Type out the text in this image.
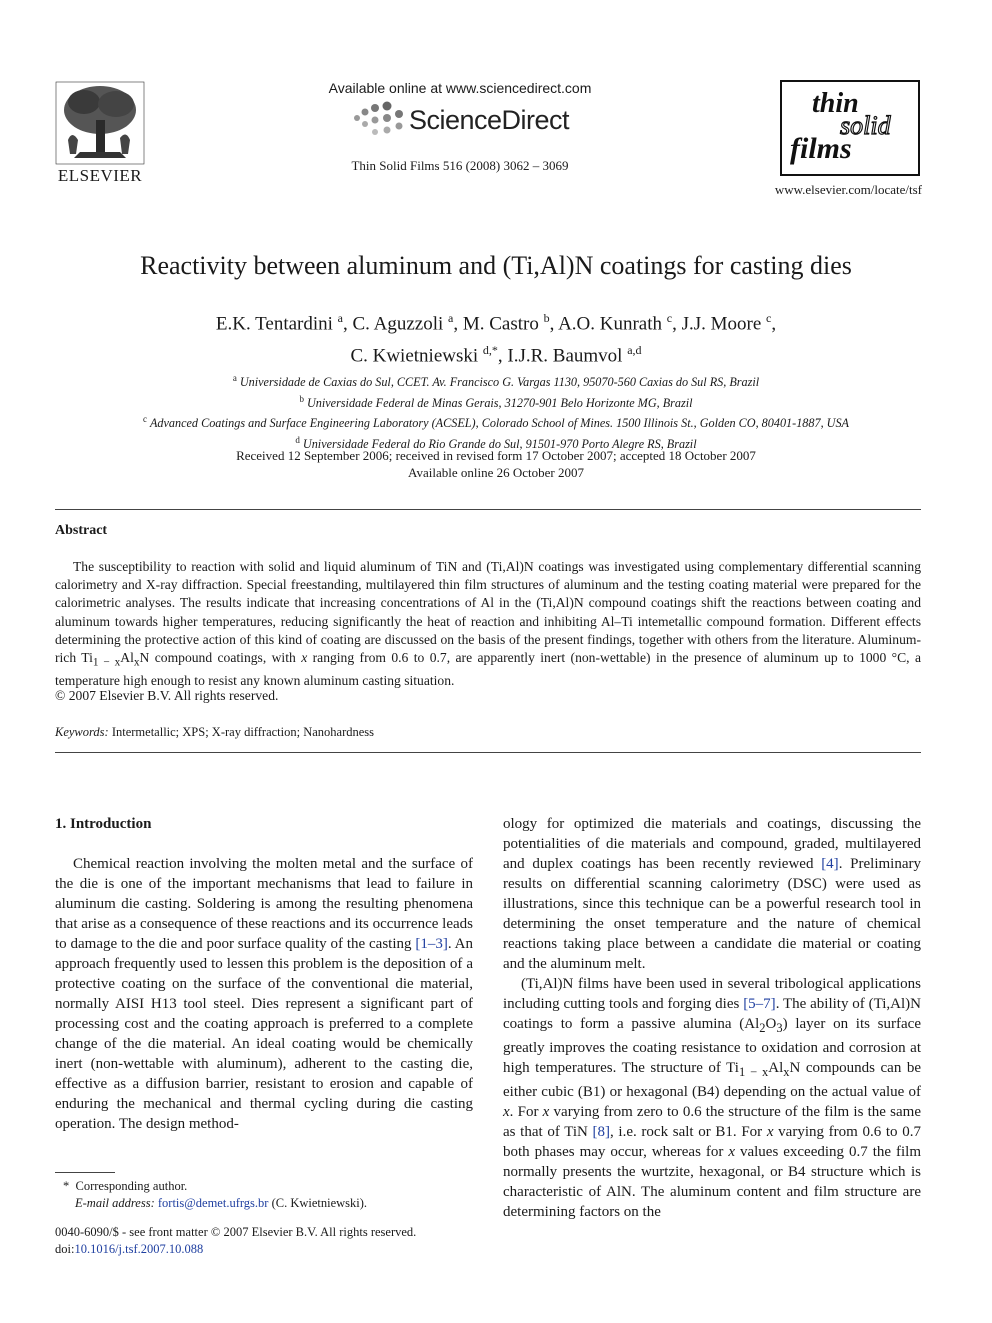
ELSEVIER
Available online at www.sciencedirect.com
ScienceDirect
Thin Solid Films 516 (2008) 3062 – 3069
thin
solid
films
www.elsevier.com/locate/tsf
Reactivity between aluminum and (Ti,Al)N coatings for casting dies
E.K. Tentardini $^a$, C. Aguzzoli $^a$, M. Castro $^b$, A.O. Kunrath $^c$, J.J. Moore $^c$,
C. Kwietniewski $^{d,*}$, I.J.R. Baumvol $^{a,d}$
$^a$ Universidade de Caxias do Sul, CCET. Av. Francisco G. Vargas 1130, 95070-560 Caxias do Sul RS, Brazil
$^b$ Universidade Federal de Minas Gerais, 31270-901 Belo Horizonte MG, Brazil
$^c$ Advanced Coatings and Surface Engineering Laboratory (ACSEL), Colorado School of Mines. 1500 Illinois St., Golden CO, 80401-1887, USA
$^d$ Universidade Federal do Rio Grande do Sul, 91501-970 Porto Alegre RS, Brazil
Received 12 September 2006; received in revised form 17 October 2007; accepted 18 October 2007
Available online 26 October 2007
Abstract

The susceptibility to reaction with solid and liquid aluminum of TiN and (Ti,Al)N coatings was investigated using complementary differential scanning calorimetry and X-ray diffraction. Special freestanding, multilayered thin film structures of aluminum and the testing coating material were prepared for the calorimetric analyses. The results indicate that increasing concentrations of Al in the (Ti,Al)N compound coatings shift the reactions between coating and aluminum towards higher temperatures, reducing significantly the heat of reaction and inhibiting Al–Ti intemetallic compound formation. Different effects determining the protective action of this kind of coating are discussed on the basis of the present findings, together with others from the literature. Aluminum-rich $Ti_{1 - x}Al_xN$ compound coatings, with x ranging from 0.6 to 0.7, are apparently inert (non-wettable) in the presence of aluminum up to 1000 °C, a temperature high enough to resist any known aluminum casting situation.

© 2007 Elsevier B.V. All rights reserved.
Keywords: Intermetallic; XPS; X-ray diffraction; Nanohardness
1. Introduction

Chemical reaction involving the molten metal and the surface of the die is one of the important mechanisms that lead to failure in aluminum die casting. Soldering is among the resulting phenomena that arise as a consequence of these reactions and its occurrence leads to damage to the die and poor surface quality of the casting [1–3]. An approach frequently used to lessen this problem is the deposition of a protective coating on the surface of the conventional die material, normally AISI H13 tool steel. Dies represent a significant part of processing cost and the coating approach is preferred to a complete change of the die material. An ideal coating would be chemically inert (non-wettable with aluminum), adherent to the casting die, effective as a diffusion barrier, resistant to erosion and capable of enduring the mechanical and thermal cycling during die casting operation. The design method-

ology for optimized die materials and coatings, discussing the potentialities of die materials and compound, graded, multilayered and duplex coatings has been recently reviewed [4]. Preliminary results on differential scanning calorimetry (DSC) were used as illustrations, since this technique can be a powerful research tool in determining the onset temperature and the nature of chemical reactions taking place between a candidate die material or coating and the aluminum melt.

(Ti,Al)N films have been used in several tribological applications including cutting tools and forging dies [5–7]. The ability of (Ti,Al)N coatings to form a passive alumina $(Al_2O_3)$ layer on its surface greatly improves the coating resistance to oxidation and corrosion at high temperatures. The structure of $Ti_{1 - x}Al_xN$ compounds can be either cubic (B1) or hexagonal (B4) depending on the actual value of x. For x varying from zero to 0.6 the structure of the film is the same as that of TiN [8], i.e. rock salt or B1. For x varying from 0.6 to 0.7 both phases may occur, whereas for x values exceeding 0.7 the film normally presents the wurtzite, hexagonal, or B4 structure which is characteristic of AlN. The aluminum content and film structure are determining factors on the

* Corresponding author.
E-mail address: fortis@demet.ufrgs.br (C. Kwietniewski).
0040-6090/$ - see front matter © 2007 Elsevier B.V. All rights reserved.
doi:10.1016/j.tsf.2007.10.088
